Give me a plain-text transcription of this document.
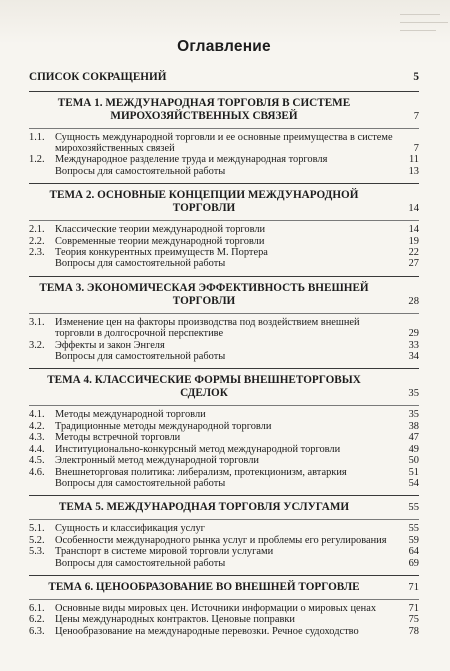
Оглавление
СПИСОК СОКРАЩЕНИЙ	5
ТЕМА 1. МЕЖДУНАРОДНАЯ ТОРГОВЛЯ В СИСТЕМЕ МИРОХОЗЯЙСТВЕННЫХ СВЯЗЕЙ	7
1.1. Сущность международной торговли и ее основные преимущества в системе мирохозяйственных связей	7
1.2. Международное разделение труда и международная торговля	11
Вопросы для самостоятельной работы	13
ТЕМА 2. ОСНОВНЫЕ КОНЦЕПЦИИ МЕЖДУНАРОДНОЙ ТОРГОВЛИ	14
2.1. Классические теории международной торговли	14
2.2. Современные теории международной торговли	19
2.3. Теория конкурентных преимуществ М. Портера	22
Вопросы для самостоятельной работы	27
ТЕМА 3. ЭКОНОМИЧЕСКАЯ ЭФФЕКТИВНОСТЬ ВНЕШНЕЙ ТОРГОВЛИ	28
3.1. Изменение цен на факторы производства под воздействием внешней торговли в долгосрочной перспективе	29
3.2. Эффекты и закон Энгеля	33
Вопросы для самостоятельной работы	34
ТЕМА 4. КЛАССИЧЕСКИЕ ФОРМЫ ВНЕШНЕТОРГОВЫХ СДЕЛОК	35
4.1. Методы международной торговли	35
4.2. Традиционные методы международной торговли	38
4.3. Методы встречной торговли	47
4.4. Институционально-конкурсный метод международной торговли	49
4.5. Электронный метод международной торговли	50
4.6. Внешнеторговая политика: либерализм, протекционизм, автаркия	51
Вопросы для самостоятельной работы	54
ТЕМА 5. МЕЖДУНАРОДНАЯ ТОРГОВЛЯ УСЛУГАМИ	55
5.1. Сущность и классификация услуг	55
5.2. Особенности международного рынка услуг и проблемы его регулирования	59
5.3. Транспорт в системе мировой торговли услугами	64
Вопросы для самостоятельной работы	69
ТЕМА 6. ЦЕНООБРАЗОВАНИЕ ВО ВНЕШНЕЙ ТОРГОВЛЕ	71
6.1. Основные виды мировых цен. Источники информации о мировых ценах	71
6.2. Цены международных контрактов. Ценовые поправки	75
6.3. Ценообразование на международные перевозки. Речное судоходство	78
